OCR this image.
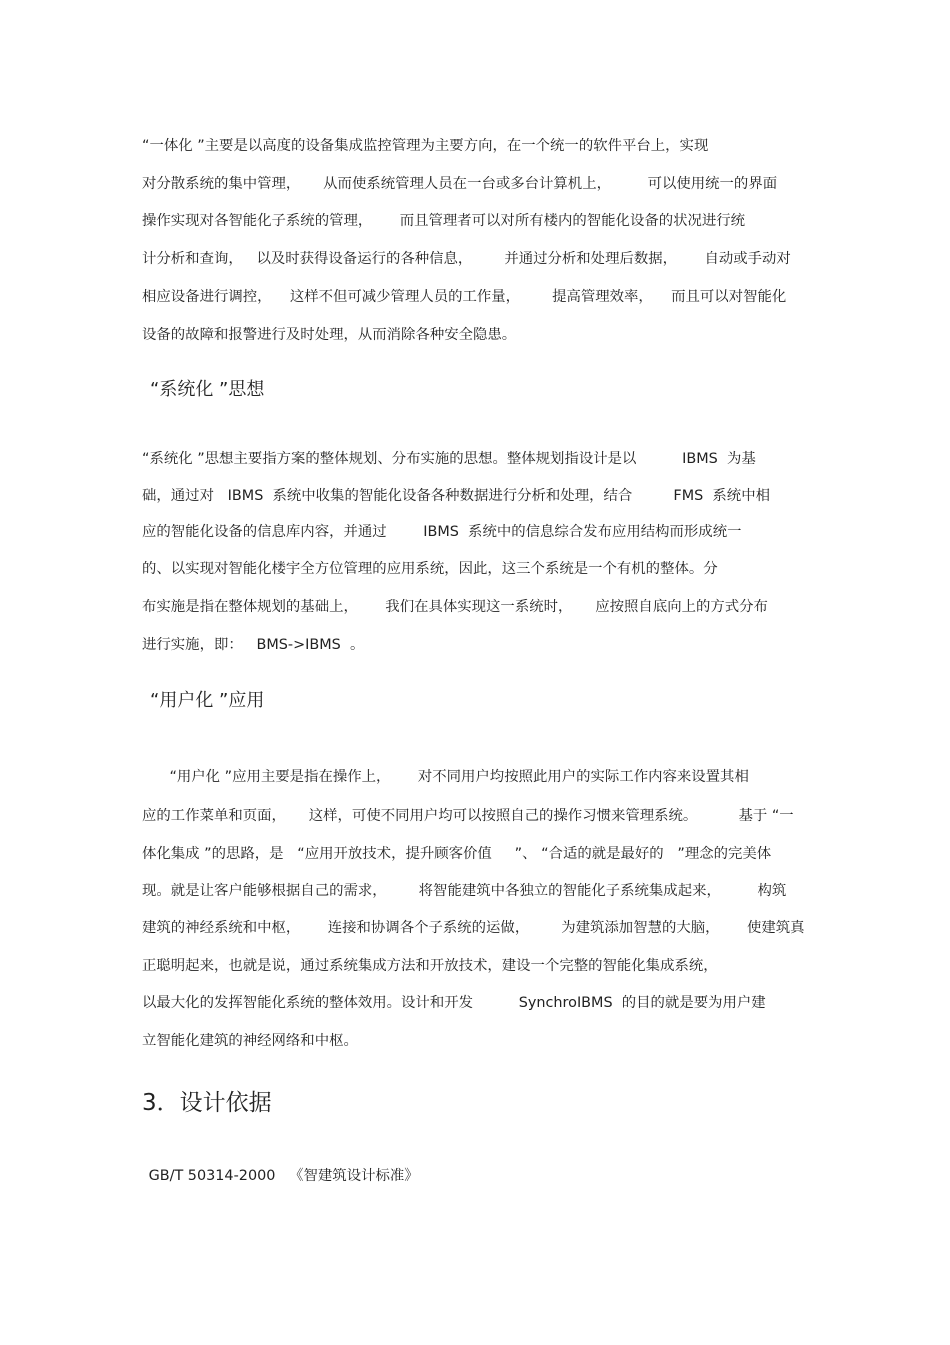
“一体化 ”主要是以高度的设备集成监控管理为主要方向，在一个统一的软件平台上，实现
对分散系统的集中管理，     从而使系统管理人员在一台或多台计算机上，        可以使用统一的界面
操作实现对各智能化子系统的管理，      而且管理者可以对所有楼内的智能化设备的状况进行统
计分析和查询，   以及时获得设备运行的各种信息，       并通过分析和处理后数据，      自动或手动对
相应设备进行调控，    这样不但可减少管理人员的工作量，       提高管理效率，    而且可以对智能化
设备的故障和报警进行及时处理，从而消除各种安全隐患。
“系统化 ”思想
“系统化 ”思想主要指方案的整体规划、分布实施的思想。整体规划指设计是以          IBMS  为基
础，通过对   IBMS  系统中收集的智能化设备各种数据进行分析和处理，结合         FMS  系统中相
应的智能化设备的信息库内容，并通过        IBMS  系统中的信息综合发布应用结构而形成统一
的、以实现对智能化楼宇全方位管理的应用系统，因此，这三个系统是一个有机的整体。分
布实施是指在整体规划的基础上，      我们在具体实现这一系统时，     应按照自底向上的方式分布
进行实施，即：   BMS->IBMS  。
“用户化 ”应用
“用户化 ”应用主要是指在操作上，      对不同用户均按照此用户的实际工作内容来设置其相
应的工作菜单和页面，     这样，可使不同用户均可以按照自己的操作习惯来管理系统。         基于 “一
体化集成 ”的思路，是   “应用开放技术，提升顾客价值     ”、 “合适的就是最好的   ”理念的完美体
现。就是让客户能够根据自己的需求，       将智能建筑中各独立的智能化子系统集成起来，        构筑
建筑的神经系统和中枢，      连接和协调各个子系统的运做，       为建筑添加智慧的大脑，      使建筑真
正聪明起来，也就是说，通过系统集成方法和开放技术，建设一个完整的智能化集成系统，
以最大化的发挥智能化系统的整体效用。设计和开发          SynchroIBMS  的目的就是要为用户建
立智能化建筑的神经网络和中枢。
3．设计依据
GB/T 50314-2000   《智建筑设计标准》
